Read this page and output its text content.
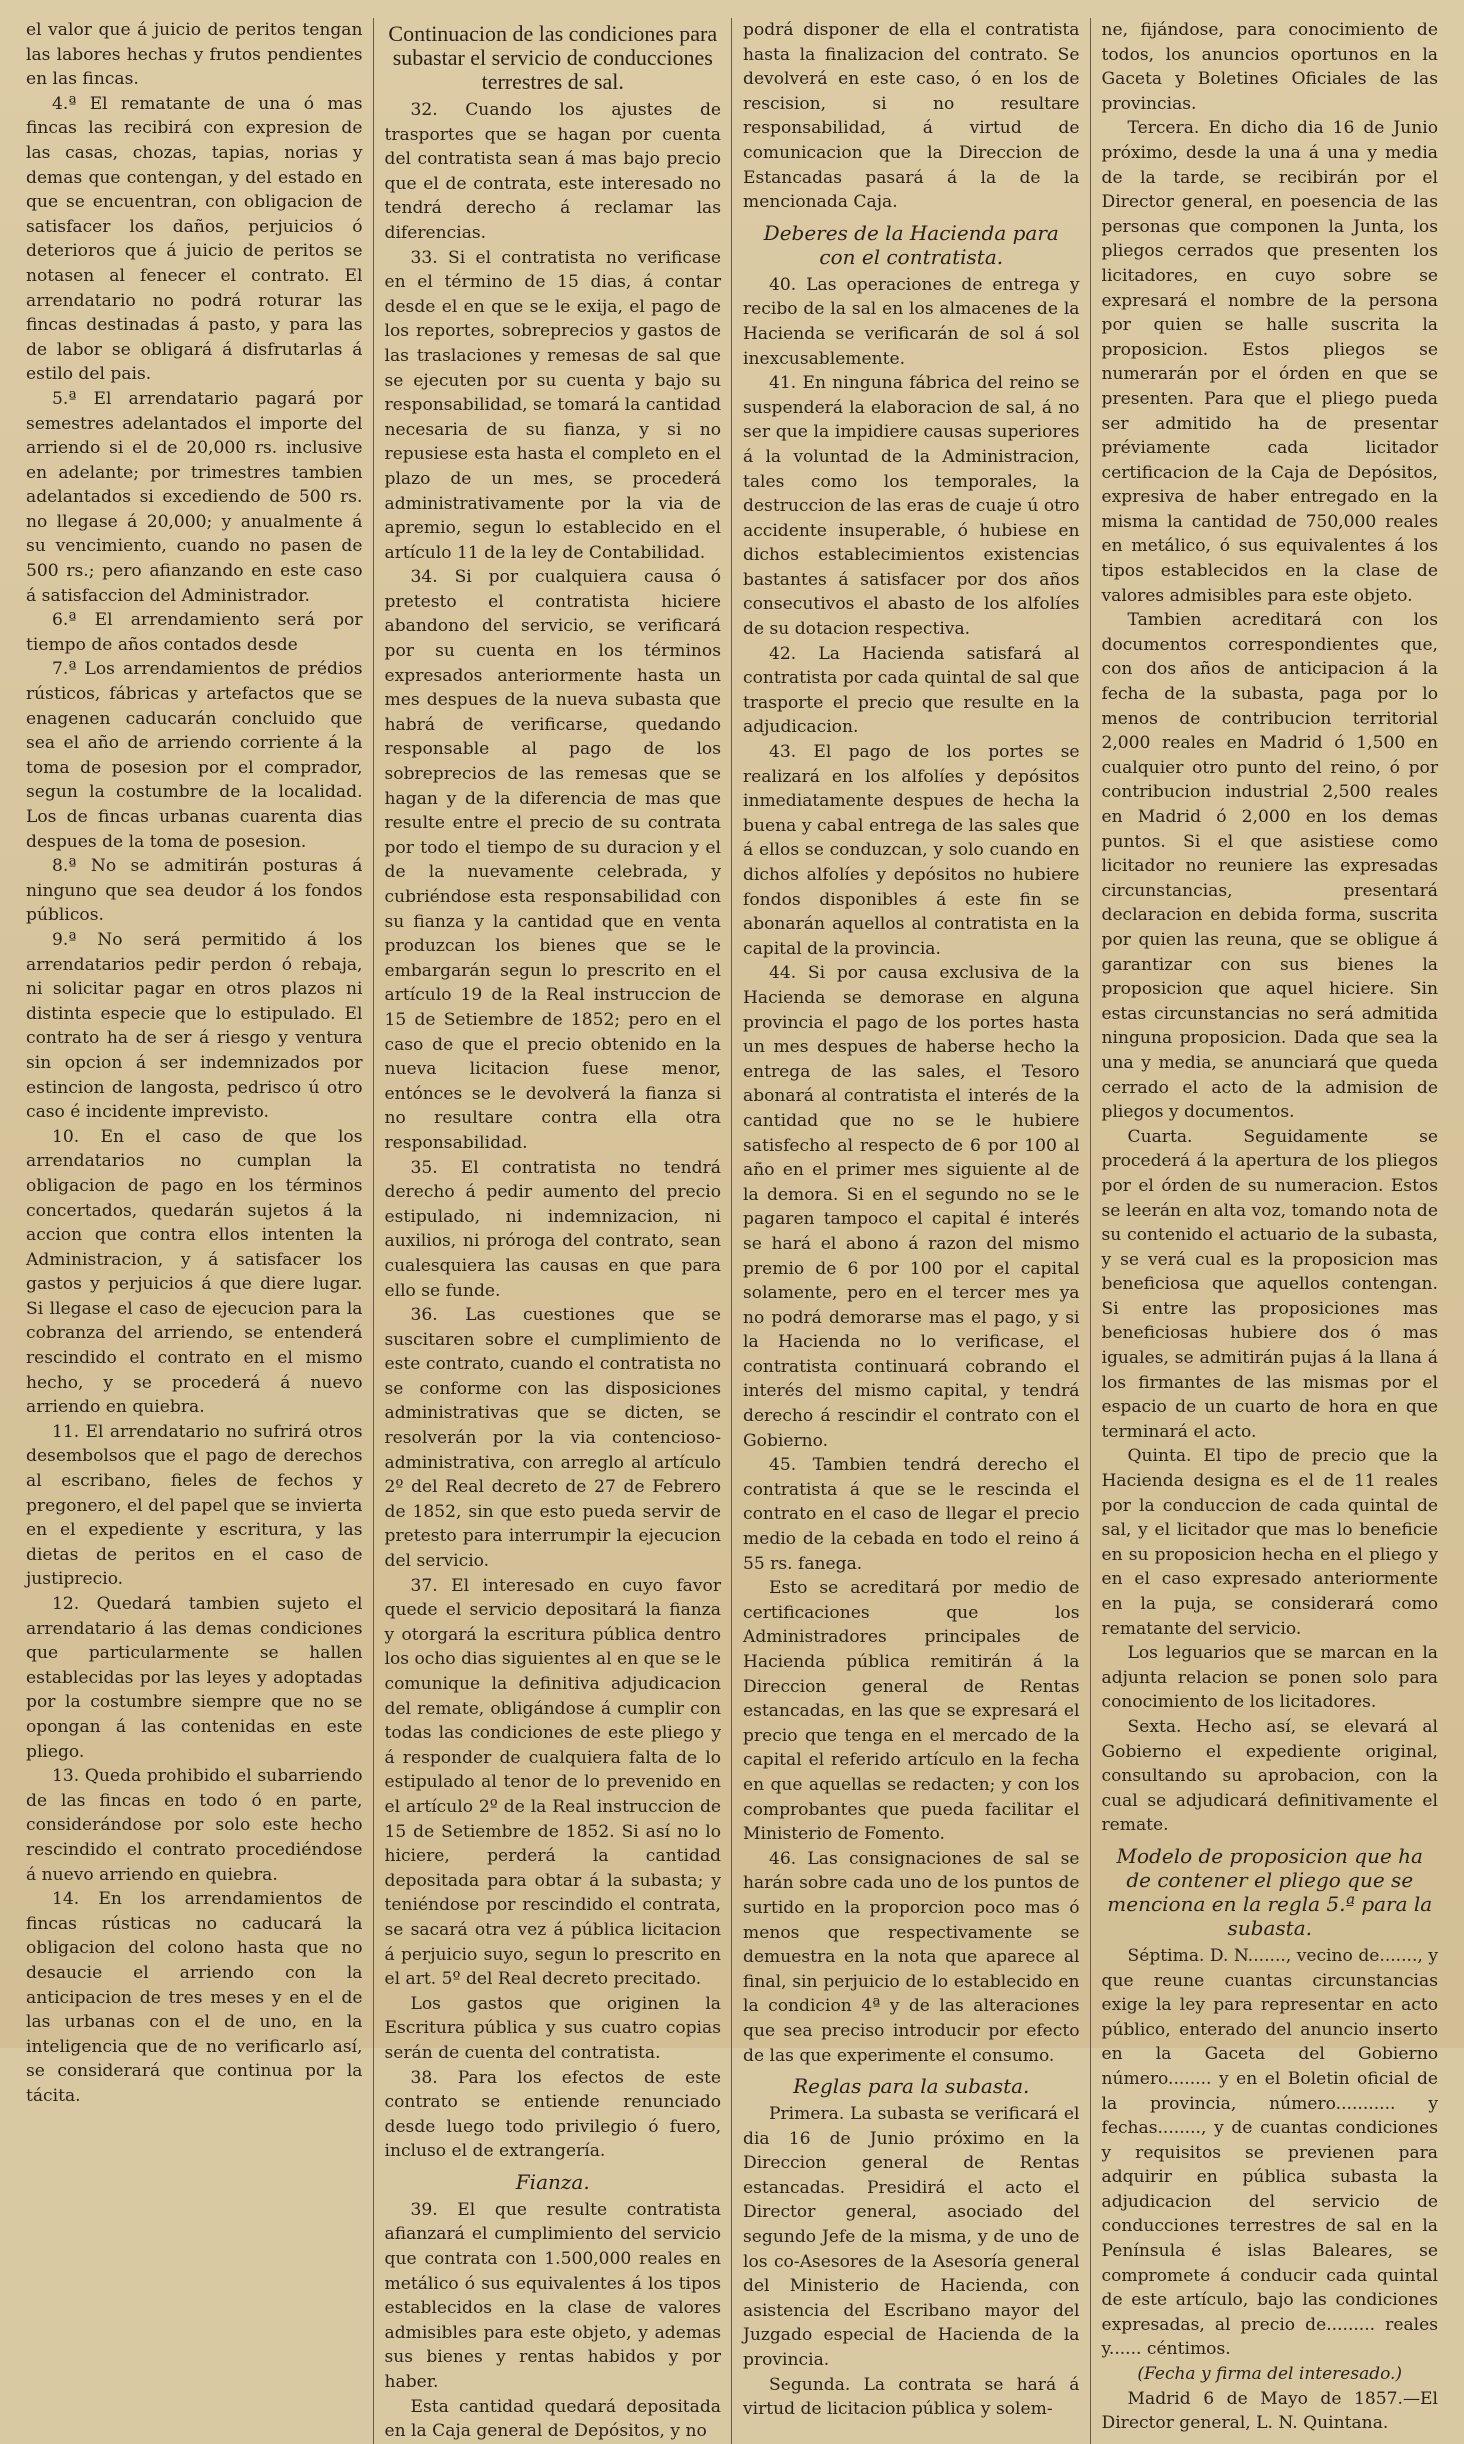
el valor que á juicio de peritos tengan las labores hechas y frutos pendientes en las fincas.

4.ª El rematante de una ó mas fincas las recibirá con expresion de las casas, chozas, tapias, norias y demas que contengan, y del estado en que se encuentran, con obligacion de satisfacer los daños, perjuicios ó deterioros que á juicio de peritos se notasen al fenecer el contrato. El arrendatario no podrá roturar las fincas destinadas á pasto, y para las de labor se obligará á disfrutarlas á estilo del pais.

5.ª El arrendatario pagará por semestres adelantados el importe del arriendo si el de 20,000 rs. inclusive en adelante; por trimestres tambien adelantados si excediendo de 500 rs. no llegase á 20,000; y anualmente á su vencimiento, cuando no pasen de 500 rs.; pero afianzando en este caso á satisfaccion del Administrador.

6.ª El arrendamiento será por tiempo de años contados desde

7.ª Los arrendamientos de prédios rústicos, fábricas y artefactos que se enagenen caducarán concluido que sea el año de arriendo corriente á la toma de posesion por el comprador, segun la costumbre de la localidad. Los de fincas urbanas cuarenta dias despues de la toma de posesion.

8.ª No se admitirán posturas á ninguno que sea deudor á los fondos públicos.

9.ª No será permitido á los arrendatarios pedir perdon ó rebaja, ni solicitar pagar en otros plazos ni distinta especie que lo estipulado. El contrato ha de ser á riesgo y ventura sin opcion á ser indemnizados por estincion de langosta, pedrisco ú otro caso é incidente imprevisto.

10. En el caso de que los arrendatarios no cumplan la obligacion de pago en los términos concertados, quedarán sujetos á la accion que contra ellos intenten la Administracion, y á satisfacer los gastos y perjuicios á que diere lugar. Si llegase el caso de ejecucion para la cobranza del arriendo, se entenderá rescindido el contrato en el mismo hecho, y se procederá á nuevo arriendo en quiebra.

11. El arrendatario no sufrirá otros desembolsos que el pago de derechos al escribano, fieles de fechos y pregonero, el del papel que se invierta en el expediente y escritura, y las dietas de peritos en el caso de justiprecio.

12. Quedará tambien sujeto el arrendatario á las demas condiciones que particularmente se hallen establecidas por las leyes y adoptadas por la costumbre siempre que no se opongan á las contenidas en este pliego.

13. Queda prohibido el subarriendo de las fincas en todo ó en parte, considerándose por solo este hecho rescindido el contrato procediéndose á nuevo arriendo en quiebra.

14. En los arrendamientos de fincas rústicas no caducará la obligacion del colono hasta que no desaucie el arriendo con la anticipacion de tres meses y en el de las urbanas con el de uno, en la inteligencia que de no verificarlo así, se considerará que continua por la tácita.

Continuacion de las condiciones para subastar el servicio de conducciones terrestres de sal.

32. Cuando los ajustes de trasportes que se hagan por cuenta del contratista sean á mas bajo precio que el de contrata, este interesado no tendrá derecho á reclamar las diferencias.

33. Si el contratista no verificase en el término de 15 dias, á contar desde el en que se le exija, el pago de los reportes, sobreprecios y gastos de las traslaciones y remesas de sal que se ejecuten por su cuenta y bajo su responsabilidad, se tomará la cantidad necesaria de su fianza, y si no repusiese esta hasta el completo en el plazo de un mes, se procederá administrativamente por la via de apremio, segun lo establecido en el artículo 11 de la ley de Contabilidad.

34. Si por cualquiera causa ó pretesto el contratista hiciere abandono del servicio, se verificará por su cuenta en los términos expresados anteriormente hasta un mes despues de la nueva subasta que habrá de verificarse, quedando responsable al pago de los sobreprecios de las remesas que se hagan y de la diferencia de mas que resulte entre el precio de su contrata por todo el tiempo de su duracion y el de la nuevamente celebrada, y cubriéndose esta responsabilidad con su fianza y la cantidad que en venta produzcan los bienes que se le embargarán segun lo prescrito en el artículo 19 de la Real instruccion de 15 de Setiembre de 1852; pero en el caso de que el precio obtenido en la nueva licitacion fuese menor, entónces se le devolverá la fianza si no resultare contra ella otra responsabilidad.

35. El contratista no tendrá derecho á pedir aumento del precio estipulado, ni indemnizacion, ni auxilios, ni próroga del contrato, sean cualesquiera las causas en que para ello se funde.

36. Las cuestiones que se suscitaren sobre el cumplimiento de este contrato, cuando el contratista no se conforme con las disposiciones administrativas que se dicten, se resolverán por la via contencioso-administrativa, con arreglo al artículo 2º del Real decreto de 27 de Febrero de 1852, sin que esto pueda servir de pretesto para interrumpir la ejecucion del servicio.

37. El interesado en cuyo favor quede el servicio depositará la fianza y otorgará la escritura pública dentro los ocho dias siguientes al en que se le comunique la definitiva adjudicacion del remate, obligándose á cumplir con todas las condiciones de este pliego y á responder de cualquiera falta de lo estipulado al tenor de lo prevenido en el artículo 2º de la Real instruccion de 15 de Setiembre de 1852. Si así no lo hiciere, perderá la cantidad depositada para obtar á la subasta; y teniéndose por rescindido el contrata, se sacará otra vez á pública licitacion á perjuicio suyo, segun lo prescrito en el art. 5º del Real decreto precitado.

Los gastos que originen la Escritura pública y sus cuatro copias serán de cuenta del contratista.

38. Para los efectos de este contrato se entiende renunciado desde luego todo privilegio ó fuero, incluso el de extrangería.

Fianza.

39. El que resulte contratista afianzará el cumplimiento del servicio que contrata con 1.500,000 reales en metálico ó sus equivalentes á los tipos establecidos en la clase de valores admisibles para este objeto, y ademas sus bienes y rentas habidos y por haber.

Esta cantidad quedará depositada en la Caja general de Depósitos, y no

podrá disponer de ella el contratista hasta la finalizacion del contrato. Se devolverá en este caso, ó en los de rescision, si no resultare responsabilidad, á virtud de comunicacion que la Direccion de Estancadas pasará á la de la mencionada Caja.

Deberes de la Hacienda para con el contratista.

40. Las operaciones de entrega y recibo de la sal en los almacenes de la Hacienda se verificarán de sol á sol inexcusablemente.

41. En ninguna fábrica del reino se suspenderá la elaboracion de sal, á no ser que la impidiere causas superiores á la voluntad de la Administracion, tales como los temporales, la destruccion de las eras de cuaje ú otro accidente insuperable, ó hubiese en dichos establecimientos existencias bastantes á satisfacer por dos años consecutivos el abasto de los alfolíes de su dotacion respectiva.

42. La Hacienda satisfará al contratista por cada quintal de sal que trasporte el precio que resulte en la adjudicacion.

43. El pago de los portes se realizará en los alfolíes y depósitos inmediatamente despues de hecha la buena y cabal entrega de las sales que á ellos se conduzcan, y solo cuando en dichos alfolíes y depósitos no hubiere fondos disponibles á este fin se abonarán aquellos al contratista en la capital de la provincia.

44. Si por causa exclusiva de la Hacienda se demorase en alguna provincia el pago de los portes hasta un mes despues de haberse hecho la entrega de las sales, el Tesoro abonará al contratista el interés de la cantidad que no se le hubiere satisfecho al respecto de 6 por 100 al año en el primer mes siguiente al de la demora. Si en el segundo no se le pagaren tampoco el capital é interés se hará el abono á razon del mismo premio de 6 por 100 por el capital solamente, pero en el tercer mes ya no podrá demorarse mas el pago, y si la Hacienda no lo verificase, el contratista continuará cobrando el interés del mismo capital, y tendrá derecho á rescindir el contrato con el Gobierno.

45. Tambien tendrá derecho el contratista á que se le rescinda el contrato en el caso de llegar el precio medio de la cebada en todo el reino á 55 rs. fanega.

Esto se acreditará por medio de certificaciones que los Administradores principales de Hacienda pública remitirán á la Direccion general de Rentas estancadas, en las que se expresará el precio que tenga en el mercado de la capital el referido artículo en la fecha en que aquellas se redacten; y con los comprobantes que pueda facilitar el Ministerio de Fomento.

46. Las consignaciones de sal se harán sobre cada uno de los puntos de surtido en la proporcion poco mas ó menos que respectivamente se demuestra en la nota que aparece al final, sin perjuicio de lo establecido en la condicion 4ª y de las alteraciones que sea preciso introducir por efecto de las que experimente el consumo.

Reglas para la subasta.

Primera. La subasta se verificará el dia 16 de Junio próximo en la Direccion general de Rentas estancadas. Presidirá el acto el Director general, asociado del segundo Jefe de la misma, y de uno de los co-Asesores de la Asesoría general del Ministerio de Hacienda, con asistencia del Escribano mayor del Juzgado especial de Hacienda de la provincia.

Segunda. La contrata se hará á virtud de licitacion pública y solem-

ne, fijándose, para conocimiento de todos, los anuncios oportunos en la Gaceta y Boletines Oficiales de las provincias.

Tercera. En dicho dia 16 de Junio próximo, desde la una á una y media de la tarde, se recibirán por el Director general, en poesencia de las personas que componen la Junta, los pliegos cerrados que presenten los licitadores, en cuyo sobre se expresará el nombre de la persona por quien se halle suscrita la proposicion. Estos pliegos se numerarán por el órden en que se presenten. Para que el pliego pueda ser admitido ha de presentar préviamente cada licitador certificacion de la Caja de Depósitos, expresiva de haber entregado en la misma la cantidad de 750,000 reales en metálico, ó sus equivalentes á los tipos establecidos en la clase de valores admisibles para este objeto.

Tambien acreditará con los documentos correspondientes que, con dos años de anticipacion á la fecha de la subasta, paga por lo menos de contribucion territorial 2,000 reales en Madrid ó 1,500 en cualquier otro punto del reino, ó por contribucion industrial 2,500 reales en Madrid ó 2,000 en los demas puntos. Si el que asistiese como licitador no reuniere las expresadas circunstancias, presentará declaracion en debida forma, suscrita por quien las reuna, que se obligue á garantizar con sus bienes la proposicion que aquel hiciere. Sin estas circunstancias no será admitida ninguna proposicion. Dada que sea la una y media, se anunciará que queda cerrado el acto de la admision de pliegos y documentos.

Cuarta. Seguidamente se procederá á la apertura de los pliegos por el órden de su numeracion. Estos se leerán en alta voz, tomando nota de su contenido el actuario de la subasta, y se verá cual es la proposicion mas beneficiosa que aquellos contengan. Si entre las proposiciones mas beneficiosas hubiere dos ó mas iguales, se admitirán pujas á la llana á los firmantes de las mismas por el espacio de un cuarto de hora en que terminará el acto.

Quinta. El tipo de precio que la Hacienda designa es el de 11 reales por la conduccion de cada quintal de sal, y el licitador que mas lo beneficie en su proposicion hecha en el pliego y en el caso expresado anteriormente en la puja, se considerará como rematante del servicio.

Los leguarios que se marcan en la adjunta relacion se ponen solo para conocimiento de los licitadores.

Sexta. Hecho así, se elevará al Gobierno el expediente original, consultando su aprobacion, con la cual se adjudicará definitivamente el remate.

Modelo de proposicion que ha de contener el pliego que se menciona en la regla 5.ª para la subasta.

Séptima. D. N......., vecino de......., y que reune cuantas circunstancias exige la ley para representar en acto público, enterado del anuncio inserto en la Gaceta del Gobierno número........ y en el Boletin oficial de la provincia, número........... y fechas........, y de cuantas condiciones y requisitos se previenen para adquirir en pública subasta la adjudicacion del servicio de conducciones terrestres de sal en la Península é islas Baleares, se compromete á conducir cada quintal de este artículo, bajo las condiciones expresadas, al precio de......... reales y...... céntimos.

(Fecha y firma del interesado.)

Madrid 6 de Mayo de 1857.—El Director general, L. N. Quintana.
